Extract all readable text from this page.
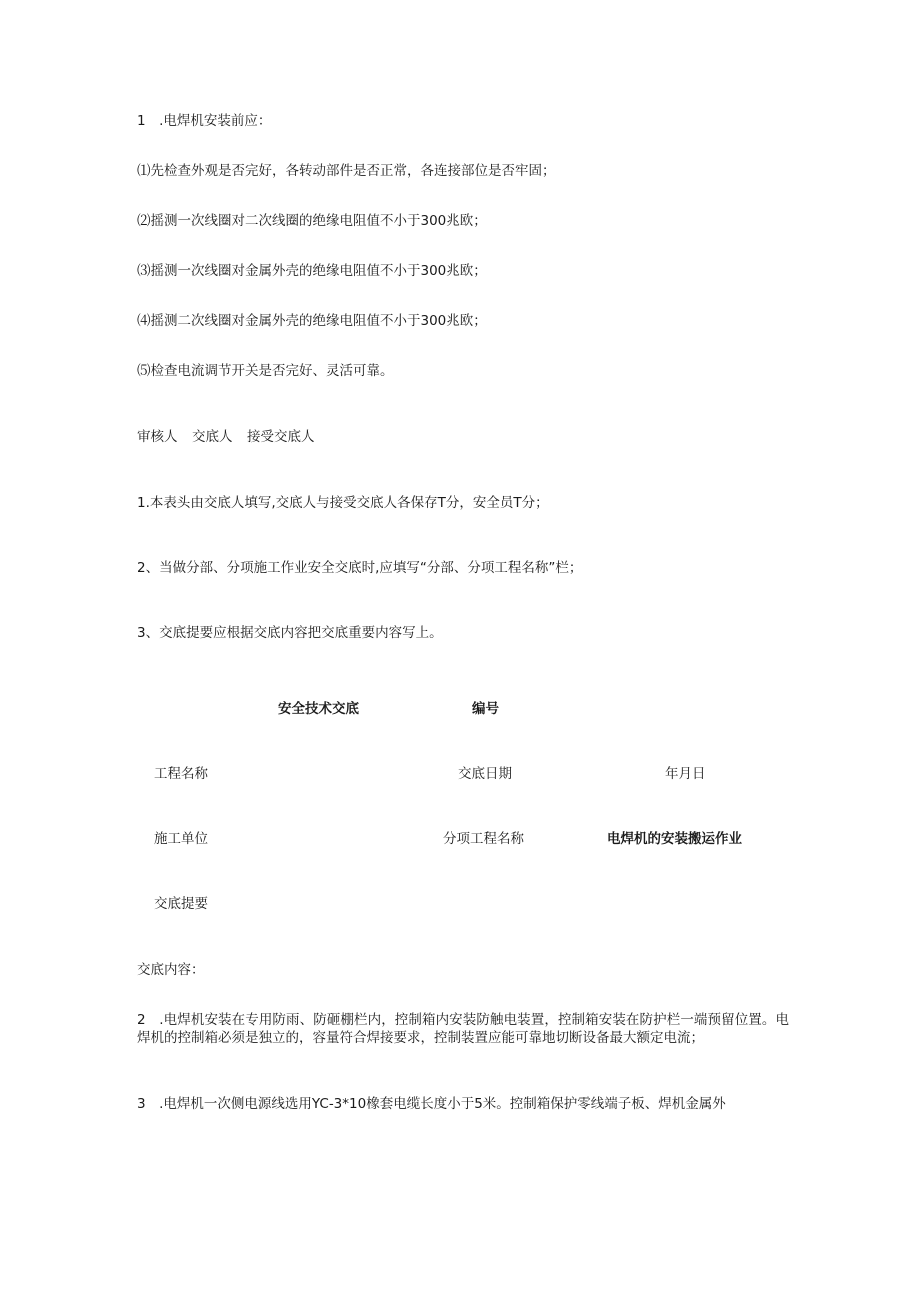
1　.电焊机安装前应：
⑴先检查外观是否完好，各转动部件是否正常，各连接部位是否牢固；
⑵摇测一次线圈对二次线圈的绝缘电阻值不小于300兆欧；
⑶摇测一次线圈对金属外壳的绝缘电阻值不小于300兆欧；
⑷摇测二次线圈对金属外壳的绝缘电阻值不小于300兆欧；
⑸检查电流调节开关是否完好、灵活可靠。
审核人 交底人 接受交底人
1.本表头由交底人填写,交底人与接受交底人各保存T分，安全员T分；
2、当做分部、分项施工作业安全交底时,应填写“分部、分项工程名称”栏；
3、交底提要应根据交底内容把交底重要内容写上。
安全技术交底	编号
工程名称	交底日期	年月日
施工单位	分项工程名称	电焊机的安装搬运作业
交底提要
交底内容：
2　.电焊机安装在专用防雨、防砸棚栏内，控制箱内安装防触电装置，控制箱安装在防护栏一端预留位置。电焊机的控制箱必须是独立的，容量符合焊接要求，控制装置应能可靠地切断设备最大额定电流；
3　.电焊机一次侧电源线选用YC-3*10橡套电缆长度小于5米。控制箱保护零线端子板、焊机金属外
